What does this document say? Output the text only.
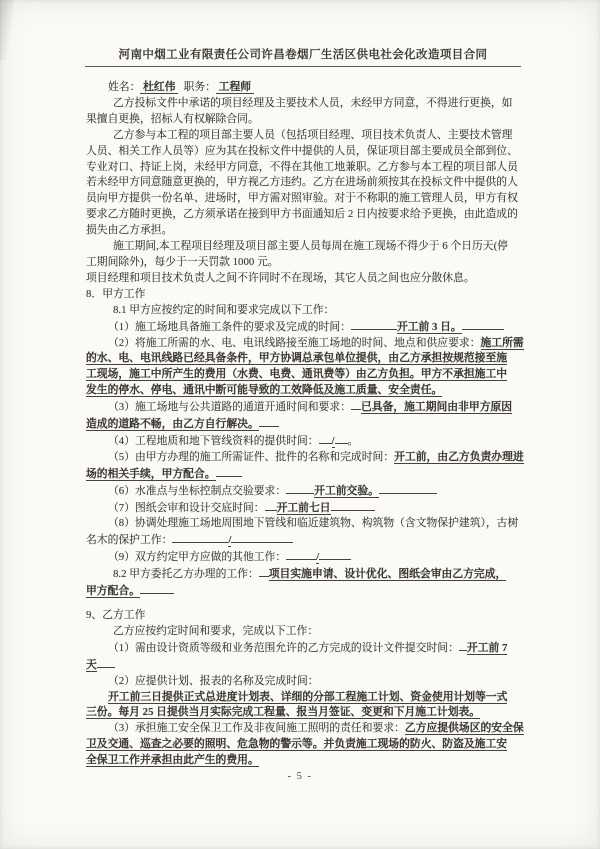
河南中烟工业有限责任公司许昌卷烟厂生活区供电社会化改造项目合同
姓名： 杜红伟   职务： 工程师
乙方投标文件中承诺的项目经理及主要技术人员，未经甲方同意，不得进行更换，如
果擅自更换，招标人有权解除合同。
乙方参与本工程的项目部主要人员（包括项目经理、项目技术负责人、主要技术管理
人员、相关工作人员等）应为其在投标文件中提供的人员，保证项目部主要成员全部到位、
专业对口、持证上岗，未经甲方同意，不得在其他工地兼职。乙方参与本工程的项目部人员
若未经甲方同意随意更换的，甲方视乙方违约。乙方在进场前须按其在投标文件中提供的人
员向甲方提供一份名单、进场时，甲方需对照审验。对于不称职的施工管理人员，甲方有权
要求乙方随时更换，乙方须承诺在接到甲方书面通知后 2 日内按要求给予更换，由此造成的
损失由乙方承担。
施工期间,本工程项目经理及项目部主要人员每周在施工现场不得少于 6 个日历天(停
工期间除外)，每少于一天罚款 1000 元。
项目经理和项目技术负责人之间不许同时不在现场，其它人员之间也应分散休息。
8．甲方工作
8.1 甲方应按约定的时间和要求完成以下工作：
（1）施工场地具备施工条件的要求及完成的时间：	开工前 3 日。
（2）将施工所需的水、电、电讯线路接至施工场地的时间、地点和供应要求：施工所需
的水、电、电讯线路已经具备条件，甲方协调总承包单位提供，由乙方承担按规范接至施
工现场，施工中所产生的费用（水费、电费、通讯费等）由乙方负担。甲方不承担施工中
发生的停水、停电、通讯中断可能导致的工效降低及施工质量、安全责任。
（3）施工场地与公共道路的通道开通时间和要求： 已具备，施工期间由非甲方原因
造成的道路不畅，由乙方自行解决。
（4）工程地质和地下管线资料的提供时间： / 。
（5）由甲方办理的施工所需证件、批件的名称和完成时间：开工前，由乙方负责办理进
场的相关手续，甲方配合。
（6）水准点与坐标控制点交验要求：	开工前交验。
（7）图纸会审和设计交底时间： 开工前七日
（8）协调处理施工场地周围地下管线和临近建筑物、构筑物（含文物保护建筑），古树
名木的保护工作：	/
（9）双方约定甲方应做的其他工作：	/
8.2 甲方委托乙方办理的工作： 项目实施申请、设计优化、图纸会审由乙方完成，
甲方配合。
9、乙方工作
乙方应按约定时间和要求，完成以下工作：
（1）需由设计资质等级和业务范围允许的乙方完成的设计文件提交时间： 开工前 7
天
（2）应提供计划、报表的名称及完成时间：
开工前三日提供正式总进度计划表、详细的分部工程施工计划、资金使用计划等一式
三份。每月 25 日提供当月实际完成工程量、报当月签证、变更和下月施工计划表。
（3）承担施工安全保卫工作及非夜间施工照明的责任和要求：乙方应提供场区的安全保
卫及交通、巡查之必要的照明、危急物的警示等。并负责施工现场的防火、防盗及施工安
全保卫工作并承担由此产生的费用。
- 5 -
